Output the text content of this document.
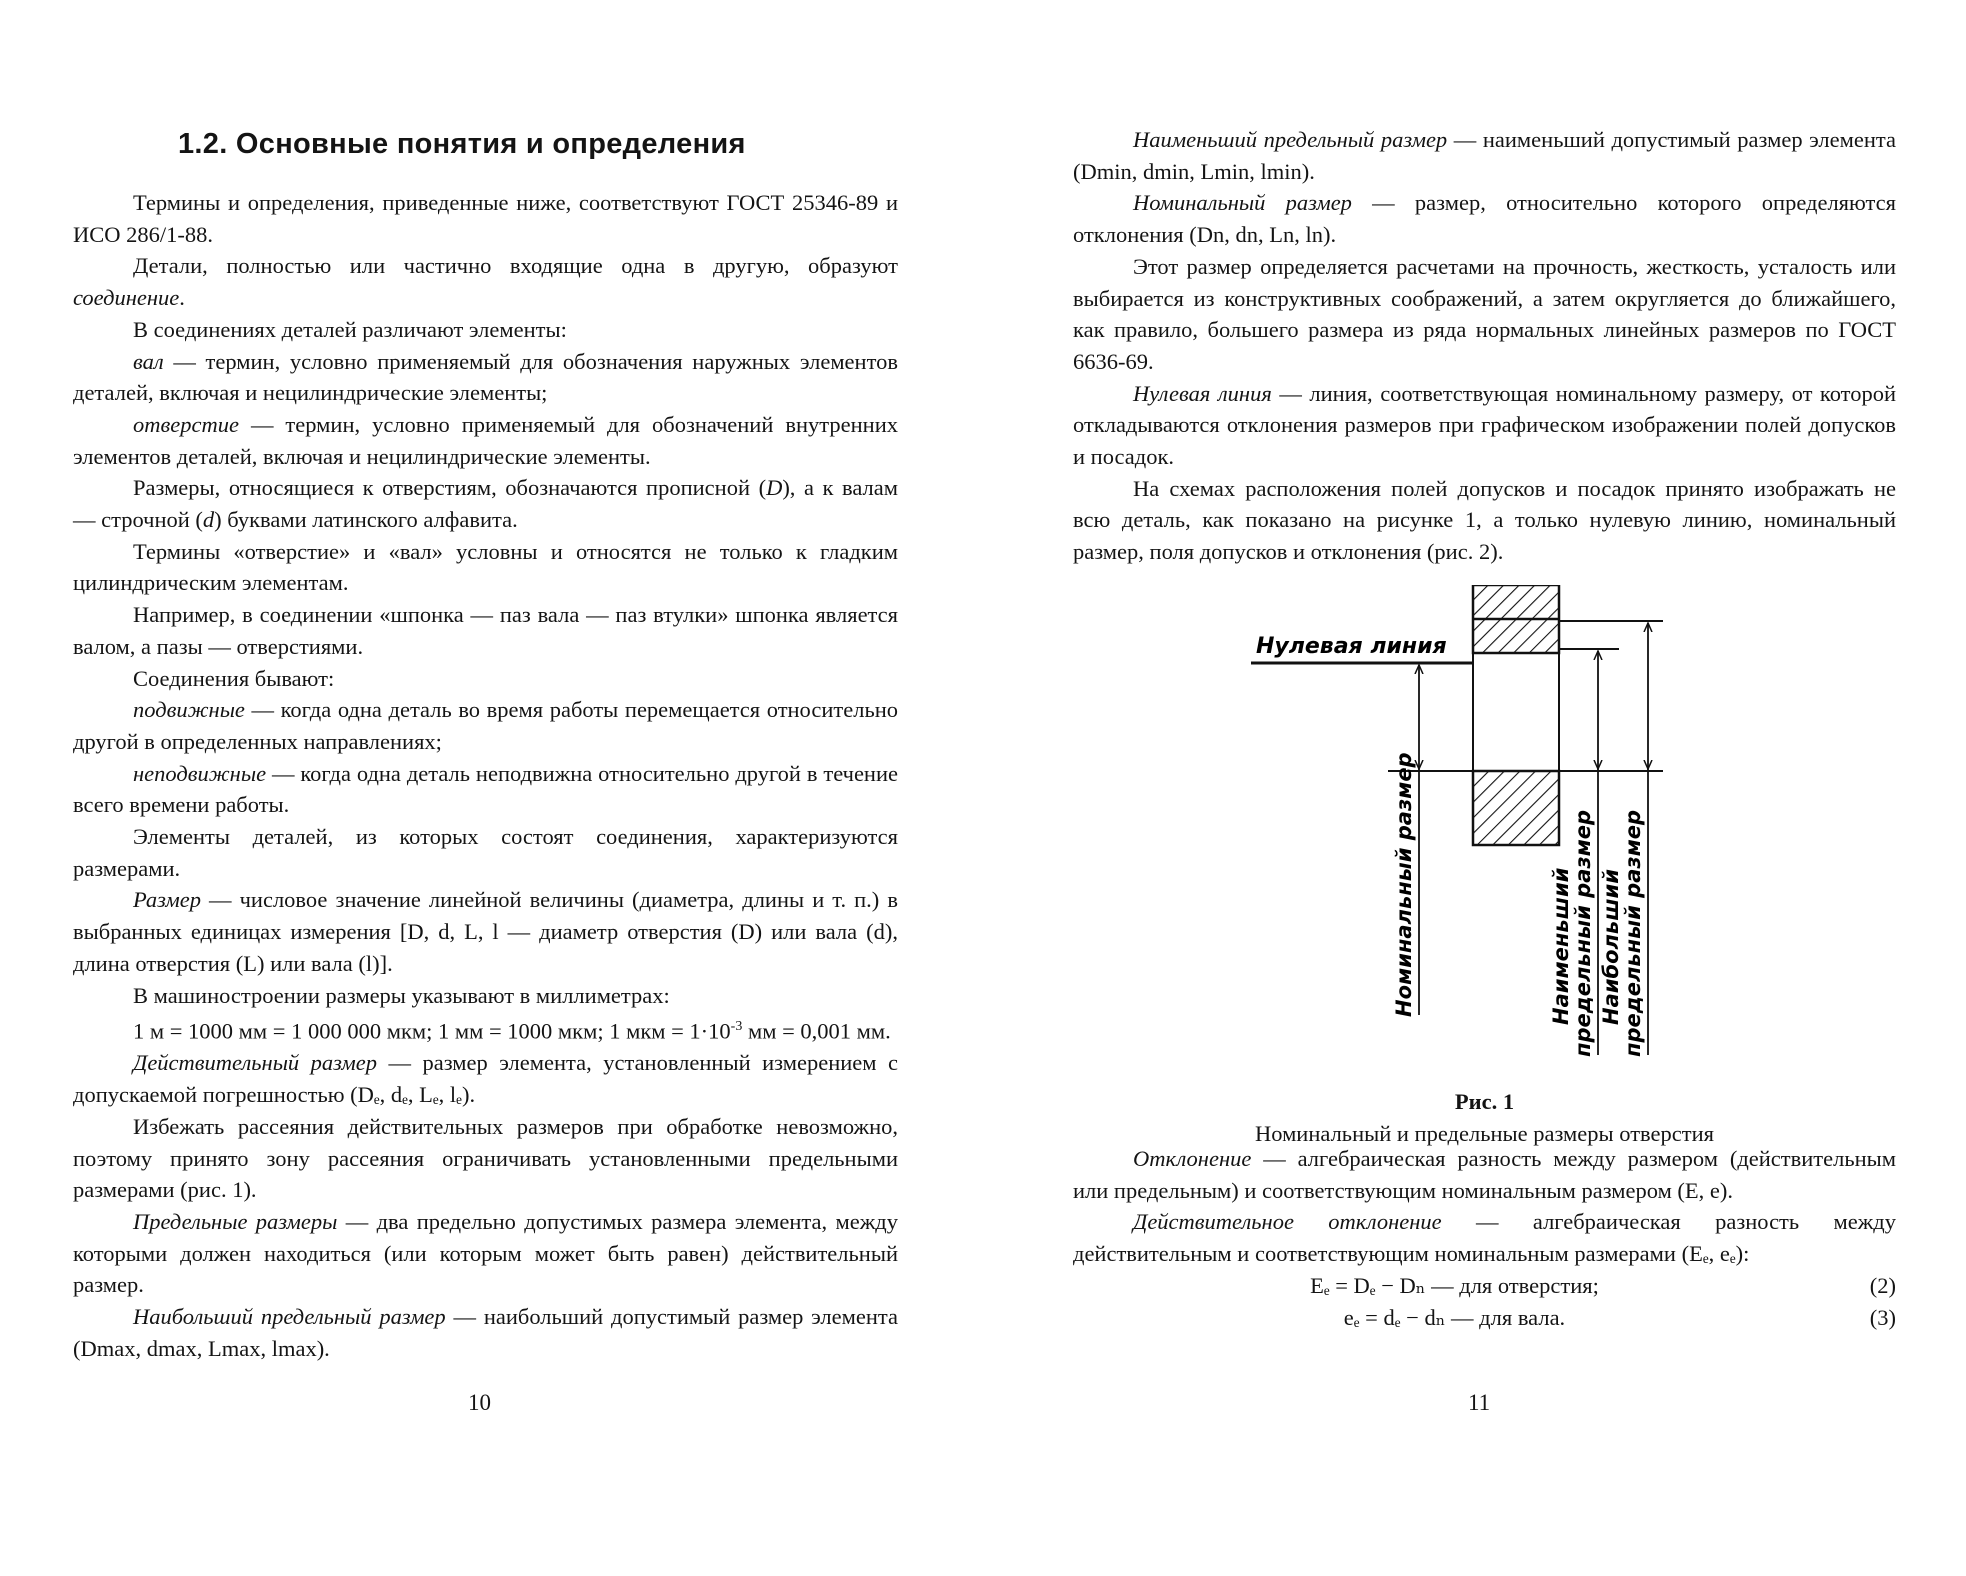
1.2. Основные понятия и определения

Термины и определения, приведенные ниже, соответствуют ГОСТ 25346-89 и ИСО 286/1-88.

Детали, полностью или частично входящие одна в другую, образуют соединение.

В соединениях деталей различают элементы:

вал — термин, условно применяемый для обозначения наружных элементов деталей, включая и нецилиндрические элементы;

отверстие — термин, условно применяемый для обозначений внутренних элементов деталей, включая и нецилиндрические элементы.

Размеры, относящиеся к отверстиям, обозначаются прописной (D), а к валам — строчной (d) буквами латинского алфавита.

Термины «отверстие» и «вал» условны и относятся не только к гладким цилиндрическим элементам.

Например, в соединении «шпонка — паз вала — паз втулки» шпонка является валом, а пазы — отверстиями.

Соединения бывают:

подвижные — когда одна деталь во время работы перемещается относительно другой в определенных направлениях;

неподвижные — когда одна деталь неподвижна относительно другой в течение всего времени работы.

Элементы деталей, из которых состоят соединения, характеризуются размерами.

Размер — числовое значение линейной величины (диаметра, длины и т. п.) в выбранных единицах измерения [D, d, L, l — диаметр отверстия (D) или вала (d), длина отверстия (L) или вала (l)].

В машиностроении размеры указывают в миллиметрах:

1 м = 1000 мм = 1 000 000 мкм; 1 мм = 1000 мкм; 1 мкм = $1\cdot 10^{-3}$ мм = 0,001 мм.

Действительный размер — размер элемента, установленный измерением с допускаемой погрешностью (Dₑ, dₑ, Lₑ, lₑ).

Избежать рассеяния действительных размеров при обработке невозможно, поэтому принято зону рассеяния ограничивать установленными предельными размерами (рис. 1).

Предельные размеры — два предельно допустимых размера элемента, между которыми должен находиться (или которым может быть равен) действительный размер.

Наибольший предельный размер — наибольший допустимый размер элемента (Dmax, dmax, Lmax, lmax).

10

Наименьший предельный размер — наименьший допустимый размер элемента (Dmin, dmin, Lmin, lmin).

Номинальный размер — размер, относительно которого определяются отклонения (Dn, dn, Ln, ln).

Этот размер определяется расчетами на прочность, жесткость, усталость или выбирается из конструктивных соображений, а затем округляется до ближайшего, как правило, большего размера из ряда нормальных линейных размеров по ГОСТ 6636-69.

Нулевая линия — линия, соответствующая номинальному размеру, от которой откладываются отклонения размеров при графическом изображении полей допусков и посадок.

На схемах расположения полей допусков и посадок принято изображать не всю деталь, как показано на рисунке 1, а только нулевую линию, номинальный размер, поля допусков и отклонения (рис. 2).

Нулевая линия
Номинальный размер	Наименьший
предельный размер Наибольший
предельный размер
Рис. 1
Номинальный и предельные размеры отверстия

Отклонение — алгебраическая разность между размером (действительным или предельным) и соответствующим номинальным размером (E, e).

Действительное отклонение — алгебраическая разность между действительным и соответствующим номинальным размерами (Eₑ, eₑ):

Eₑ = Dₑ − Dₙ — для отверстия;	(2)
eₑ = dₑ − dₙ — для вала.	(3)
11
